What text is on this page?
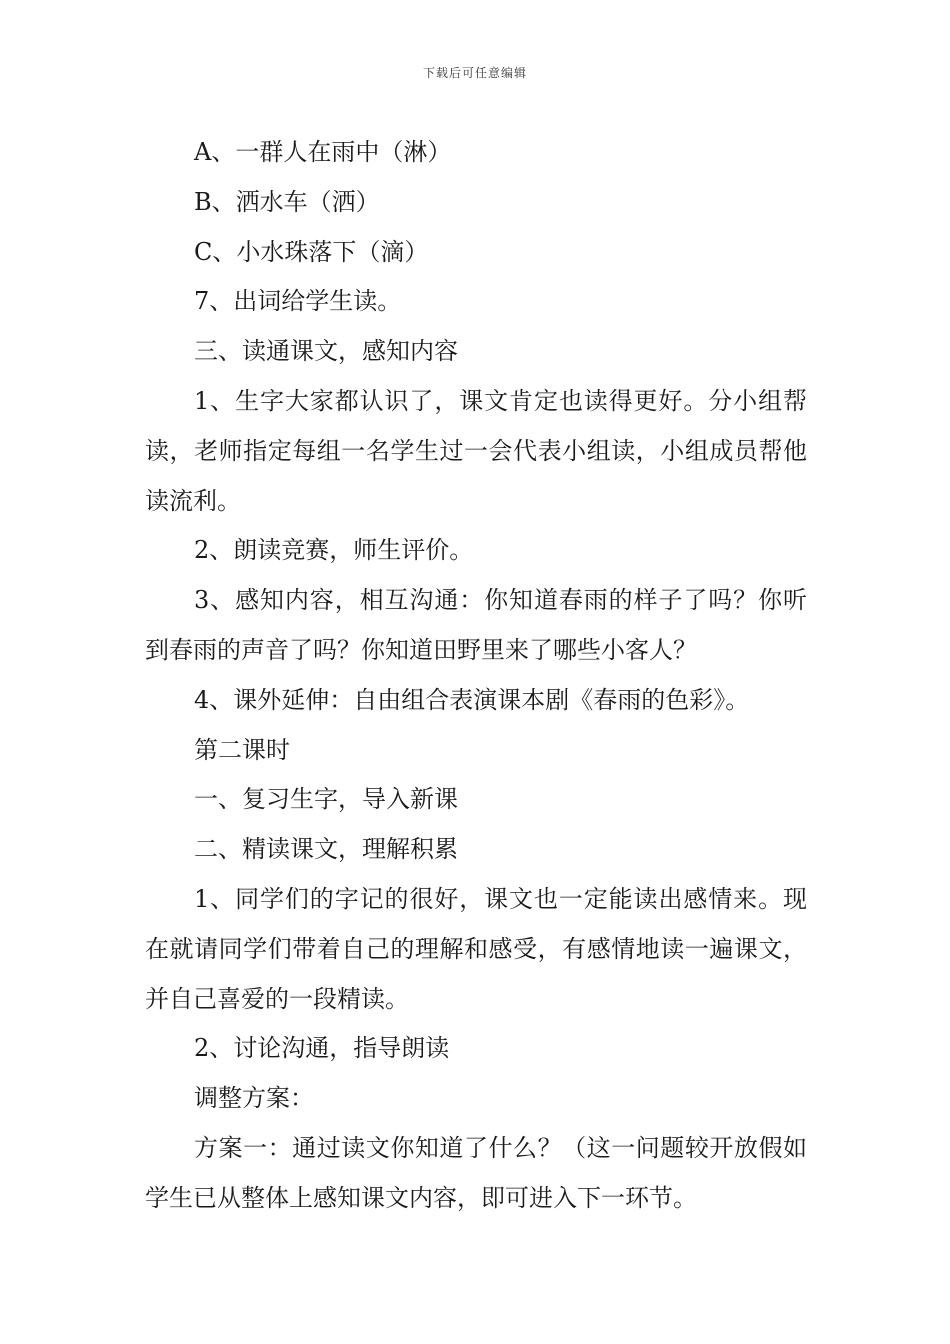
下载后可任意编辑

A、一群人在雨中（淋）

B、洒水车（洒）

C、小水珠落下（滴）

7、出词给学生读。

三、读通课文，感知内容

1、生字大家都认识了，课文肯定也读得更好。分小组帮读，老师指定每组一名学生过一会代表小组读，小组成员帮他读流利。

2、朗读竞赛，师生评价。

3、感知内容，相互沟通：你知道春雨的样子了吗？你听到春雨的声音了吗？你知道田野里来了哪些小客人？

4、课外延伸：自由组合表演课本剧《春雨的色彩》。

第二课时

一、复习生字，导入新课

二、精读课文，理解积累

1、同学们的字记的很好，课文也一定能读出感情来。现在就请同学们带着自己的理解和感受，有感情地读一遍课文，并自己喜爱的一段精读。

2、讨论沟通，指导朗读

调整方案：

方案一：通过读文你知道了什么？（这一问题较开放假如学生已从整体上感知课文内容，即可进入下一环节。
